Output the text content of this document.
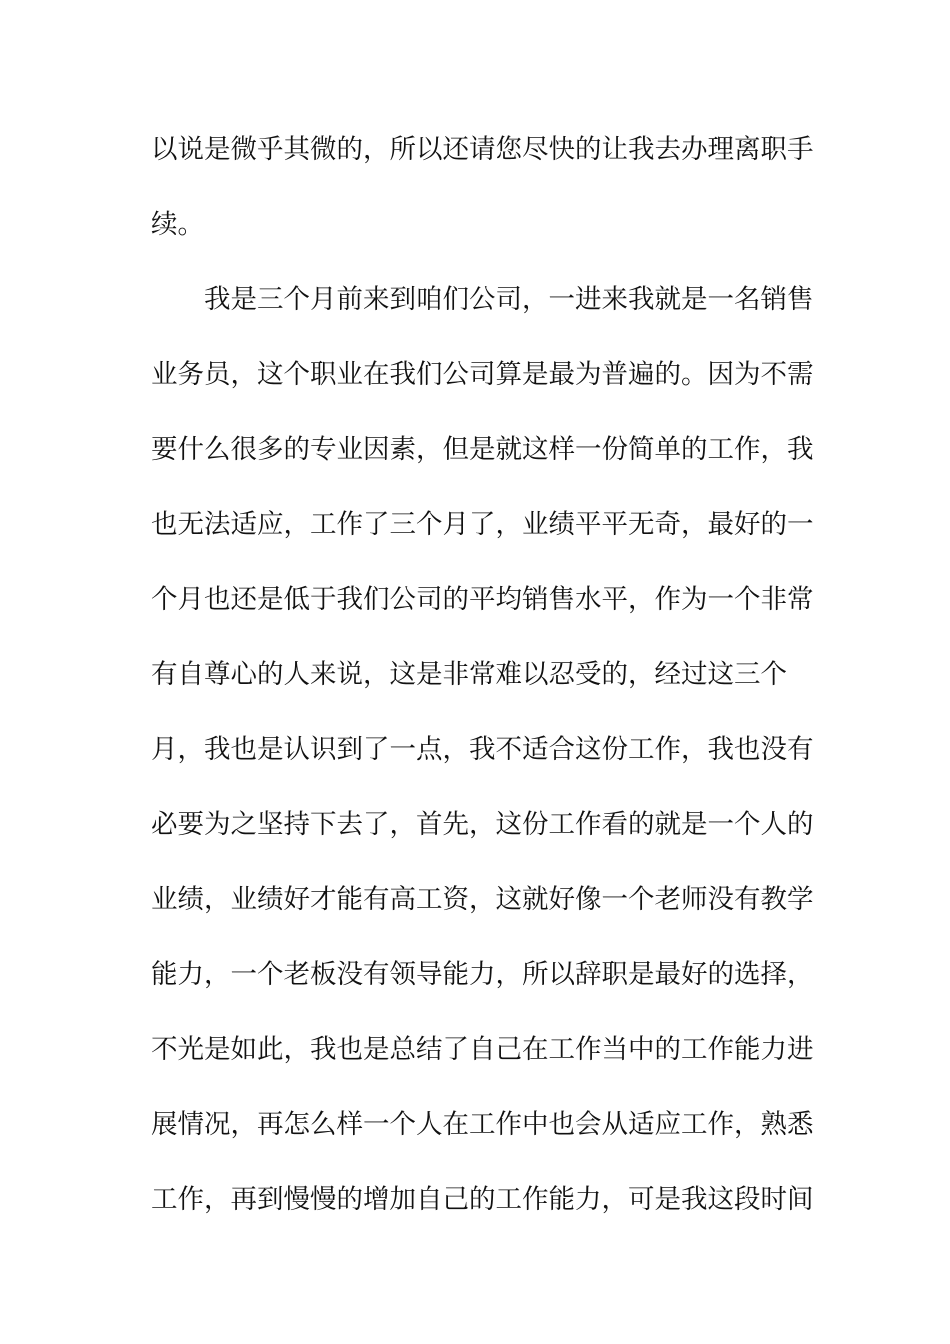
以说是微乎其微的，所以还请您尽快的让我去办理离职手
续。
我是三个月前来到咱们公司，一进来我就是一名销售
业务员，这个职业在我们公司算是最为普遍的。因为不需
要什么很多的专业因素，但是就这样一份简单的工作，我
也无法适应，工作了三个月了，业绩平平无奇，最好的一
个月也还是低于我们公司的平均销售水平，作为一个非常
有自尊心的人来说，这是非常难以忍受的，经过这三个
月，我也是认识到了一点，我不适合这份工作，我也没有
必要为之坚持下去了，首先，这份工作看的就是一个人的
业绩，业绩好才能有高工资，这就好像一个老师没有教学
能力，一个老板没有领导能力，所以辞职是最好的选择，
不光是如此，我也是总结了自己在工作当中的工作能力进
展情况，再怎么样一个人在工作中也会从适应工作，熟悉
工作，再到慢慢的增加自己的工作能力，可是我这段时间
